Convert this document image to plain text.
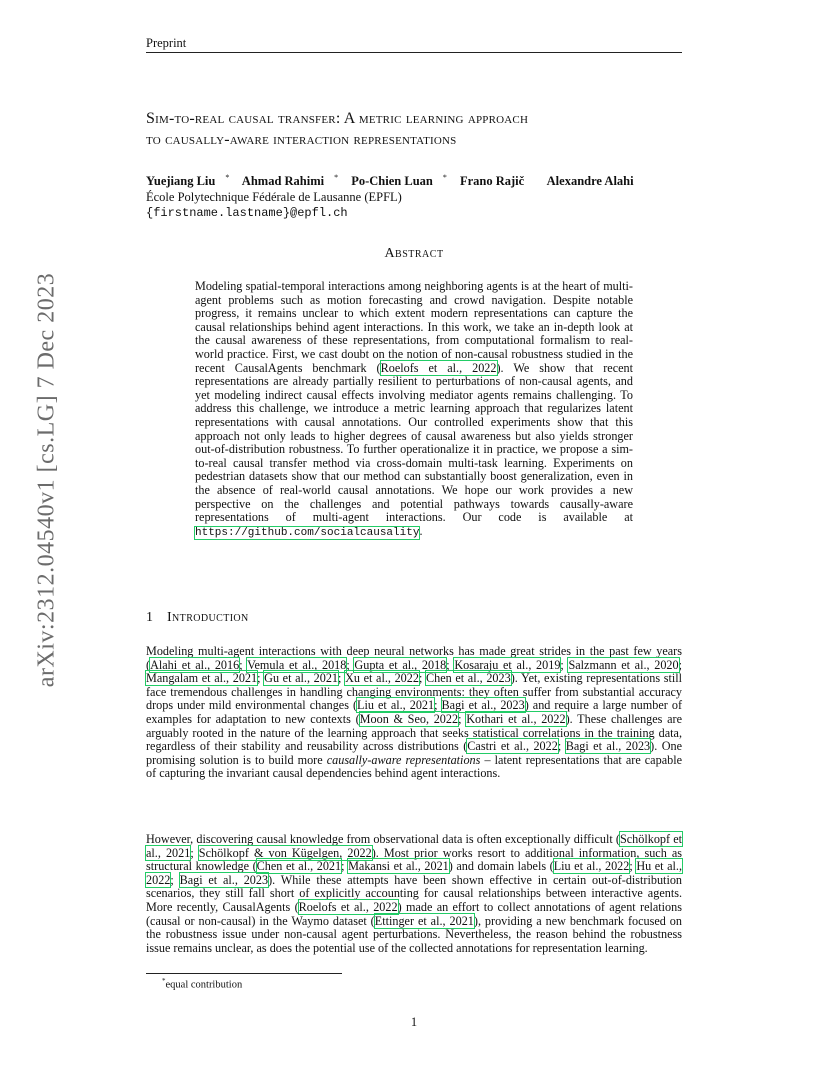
Preprint
Sim-to-real causal transfer: A metric learning approach
to causally-aware interaction representations
Yuejiang Liu * Ahmad Rahimi * Po-Chien Luan * Frano Rajič Alexandre Alahi
École Polytechnique Fédérale de Lausanne (EPFL)
{firstname.lastname}@epfl.ch
Abstract
Modeling spatial-temporal interactions among neighboring agents is at the heart of multi-agent problems such as motion forecasting and crowd navigation. Despite notable progress, it remains unclear to which extent modern representations can capture the causal relationships behind agent interactions. In this work, we take an in-depth look at the causal awareness of these representations, from computational formalism to real-world practice. First, we cast doubt on the notion of non-causal robustness studied in the recent CausalAgents benchmark (Roelofs et al., 2022). We show that recent representations are already partially resilient to perturbations of non-causal agents, and yet modeling indirect causal effects involving mediator agents remains challenging. To address this challenge, we introduce a metric learning approach that regularizes latent representations with causal annotations. Our controlled experiments show that this approach not only leads to higher degrees of causal awareness but also yields stronger out-of-distribution robustness. To further operationalize it in practice, we propose a sim-to-real causal transfer method via cross-domain multi-task learning. Experiments on pedestrian datasets show that our method can substantially boost generalization, even in the absence of real-world causal annotations. We hope our work provides a new perspective on the challenges and potential pathways towards causally-aware representations of multi-agent interactions. Our code is available at https://github.com/socialcausality.
1 Introduction
Modeling multi-agent interactions with deep neural networks has made great strides in the past few years (Alahi et al., 2016; Vemula et al., 2018; Gupta et al., 2018; Kosaraju et al., 2019; Salzmann et al., 2020; Mangalam et al., 2021; Gu et al., 2021; Xu et al., 2022; Chen et al., 2023). Yet, existing representations still face tremendous challenges in handling changing environments: they often suffer from substantial accuracy drops under mild environmental changes (Liu et al., 2021; Bagi et al., 2023) and require a large number of examples for adaptation to new contexts (Moon & Seo, 2022; Kothari et al., 2022). These challenges are arguably rooted in the nature of the learning approach that seeks statistical correlations in the training data, regardless of their stability and reusability across distributions (Castri et al., 2022; Bagi et al., 2023). One promising solution is to build more causally-aware representations – latent representations that are capable of capturing the invariant causal dependencies behind agent interactions.
However, discovering causal knowledge from observational data is often exceptionally difficult (Schölkopf et al., 2021; Schölkopf & von Kügelgen, 2022). Most prior works resort to additional information, such as structural knowledge (Chen et al., 2021; Makansi et al., 2021) and domain labels (Liu et al., 2022; Hu et al., 2022; Bagi et al., 2023). While these attempts have been shown effective in certain out-of-distribution scenarios, they still fall short of explicitly accounting for causal relationships between interactive agents. More recently, CausalAgents (Roelofs et al., 2022) made an effort to collect annotations of agent relations (causal or non-causal) in the Waymo dataset (Ettinger et al., 2021), providing a new benchmark focused on the robustness issue under non-causal agent perturbations. Nevertheless, the reason behind the robustness issue remains unclear, as does the potential use of the collected annotations for representation learning.
*equal contribution
1
arXiv:2312.04540v1 [cs.LG] 7 Dec 2023
